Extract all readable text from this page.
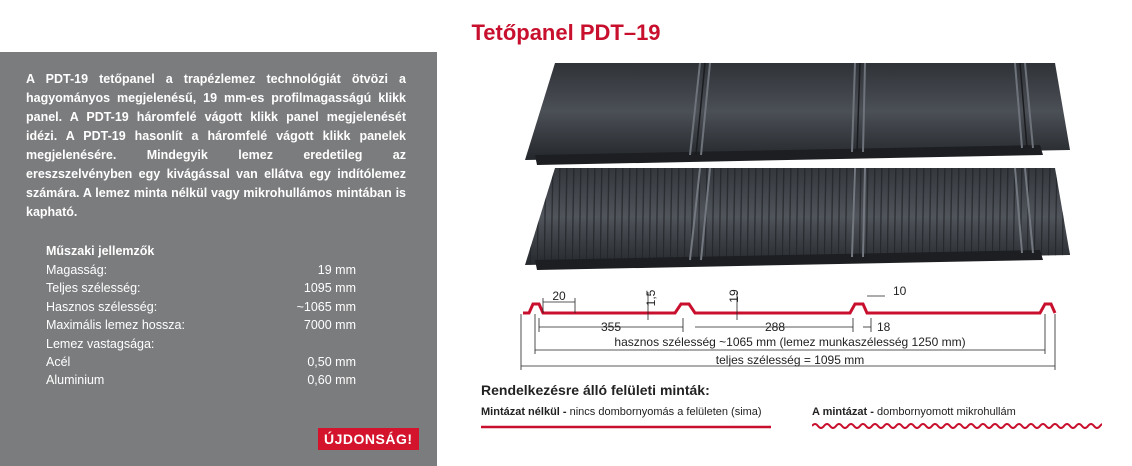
Tetőpanel PDT–19
A PDT-19 tetőpanel a trapézlemez technológiát ötvözi a hagyományos megjelenésű, 19 mm-es profilmagasságú klikk panel. A PDT-19 háromfelé vágott klikk panel megjelenését idézi. A PDT-19 hasonlít a háromfelé vágott klikk panelek megjelenésére. Mindegyik lemez eredetileg az ereszszelvényben egy kivágással van ellátva egy indítólemez számára. A lemez minta nélkül vagy mikrohullámos mintában is kapható.
Műszaki jellemzők
Magasság:	19 mm
Teljes szélesség:	1095 mm
Hasznos szélesség:	~1065 mm
Maximális lemez hossza:	7000 mm
Lemez vastagsága:
Acél	0,50 mm
Aluminium	0,60 mm
ÚJDONSÁG!
20	1,5	19	10
355	288	18
hasznos szélesség ~1065 mm (lemez munkaszélesség 1250 mm)
teljes szélesség = 1095 mm
Rendelkezésre álló felületi minták:
Mintázat nélkül - nincs dombornyomás a felületen (sima)	A mintázat - dombornyomott mikrohullám
